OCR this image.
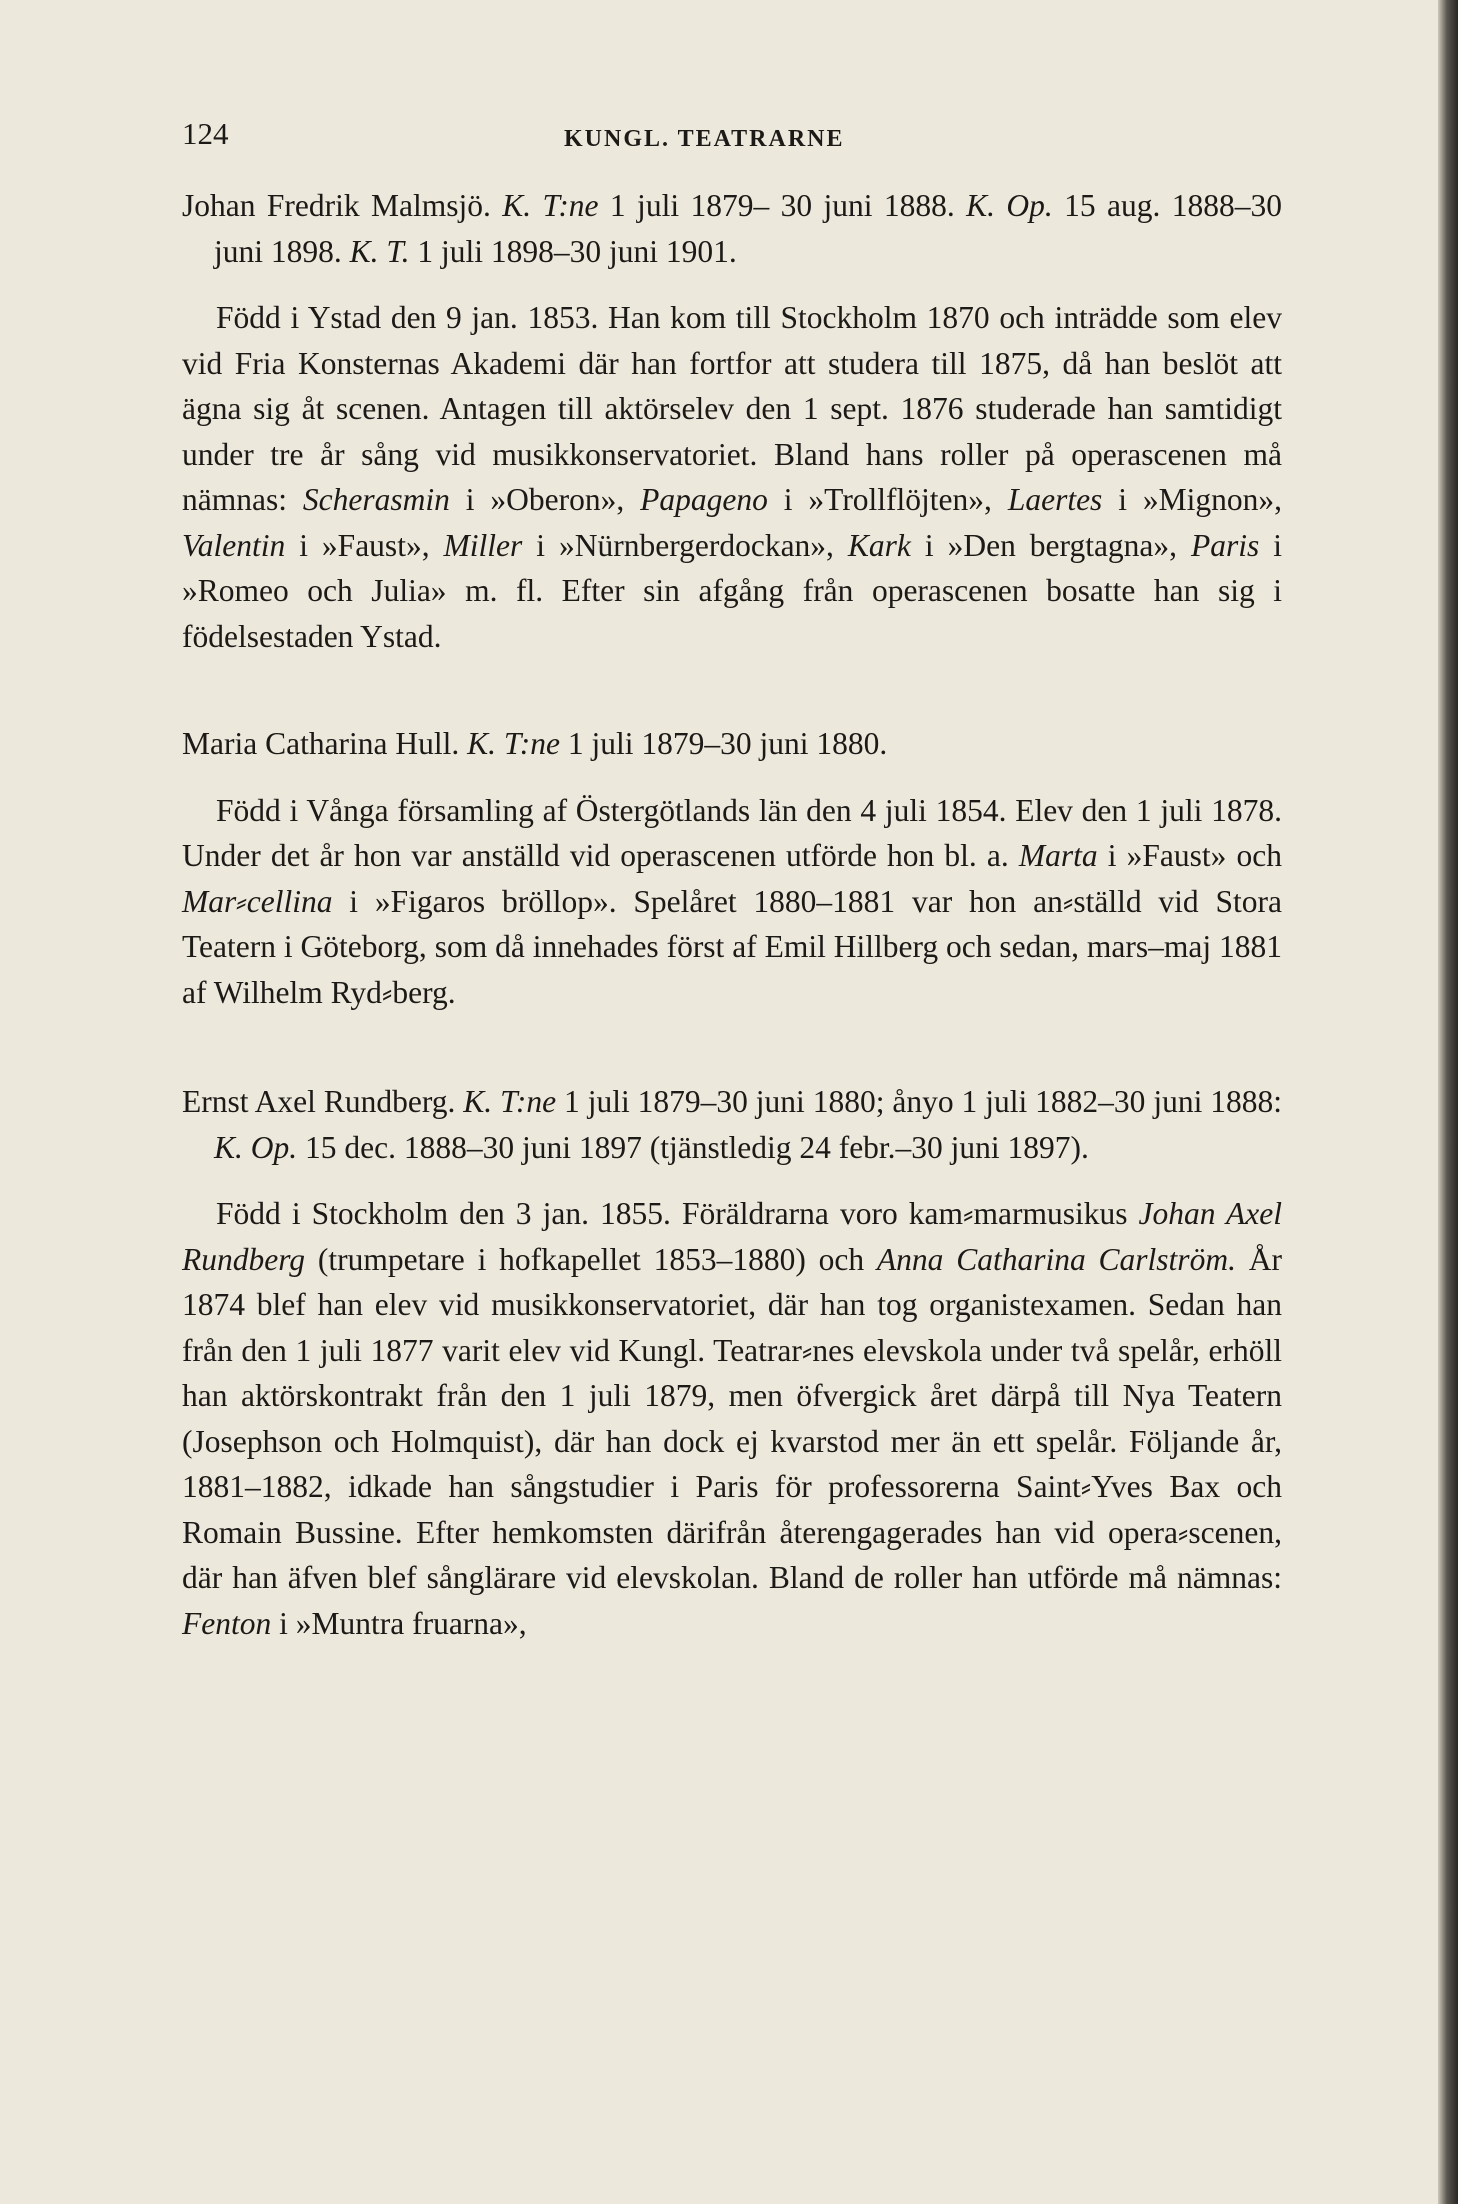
124	KUNGL. TEATRARNE

Johan Fredrik Malmsjö. K. T:ne 1 juli 1879– 30 juni 1888. K. Op. 15 aug. 1888–30 juni 1898. K. T. 1 juli 1898–30 juni 1901.

Född i Ystad den 9 jan. 1853. Han kom till Stockholm 1870 och inträdde som elev vid Fria Konsternas Akademi där han fortfor att studera till 1875, då han beslöt att ägna sig åt scenen. Antagen till aktörselev den 1 sept. 1876 studerade han samtidigt under tre år sång vid musikkonservatoriet. Bland hans roller på operascenen må nämnas: Scherasmin i »Oberon», Papageno i »Trollflöjten», Laertes i »Mignon», Valentin i »Faust», Miller i »Nürnbergerdockan», Kark i »Den bergtagna», Paris i »Romeo och Julia» m. fl. Efter sin afgång från operascenen bosatte han sig i födelsestaden Ystad.

Maria Catharina Hull. K. T:ne 1 juli 1879–30 juni 1880.

Född i Vånga församling af Östergötlands län den 4 juli 1854. Elev den 1 juli 1878. Under det år hon var anställd vid operascenen utförde hon bl. a. Marta i »Faust» och Mar⸗cellina i »Figaros bröllop». Spelåret 1880–1881 var hon an⸗ställd vid Stora Teatern i Göteborg, som då innehades först af Emil Hillberg och sedan, mars–maj 1881 af Wilhelm Ryd⸗berg.

Ernst Axel Rundberg. K. T:ne 1 juli 1879–30 juni 1880; ånyo 1 juli 1882–30 juni 1888: K. Op. 15 dec. 1888–30 juni 1897 (tjänstledig 24 febr.–30 juni 1897).

Född i Stockholm den 3 jan. 1855. Föräldrarna voro kam⸗marmusikus Johan Axel Rundberg (trumpetare i hofkapellet 1853–1880) och Anna Catharina Carlström. År 1874 blef han elev vid musikkonservatoriet, där han tog organistexamen. Sedan han från den 1 juli 1877 varit elev vid Kungl. Teatrar⸗nes elevskola under två spelår, erhöll han aktörskontrakt från den 1 juli 1879, men öfvergick året därpå till Nya Teatern (Josephson och Holmquist), där han dock ej kvarstod mer än ett spelår. Följande år, 1881–1882, idkade han sångstudier i Paris för professorerna Saint⸗Yves Bax och Romain Bussine. Efter hemkomsten därifrån återengagerades han vid opera⸗scenen, där han äfven blef sånglärare vid elevskolan. Bland de roller han utförde må nämnas: Fenton i »Muntra fruarna»,
